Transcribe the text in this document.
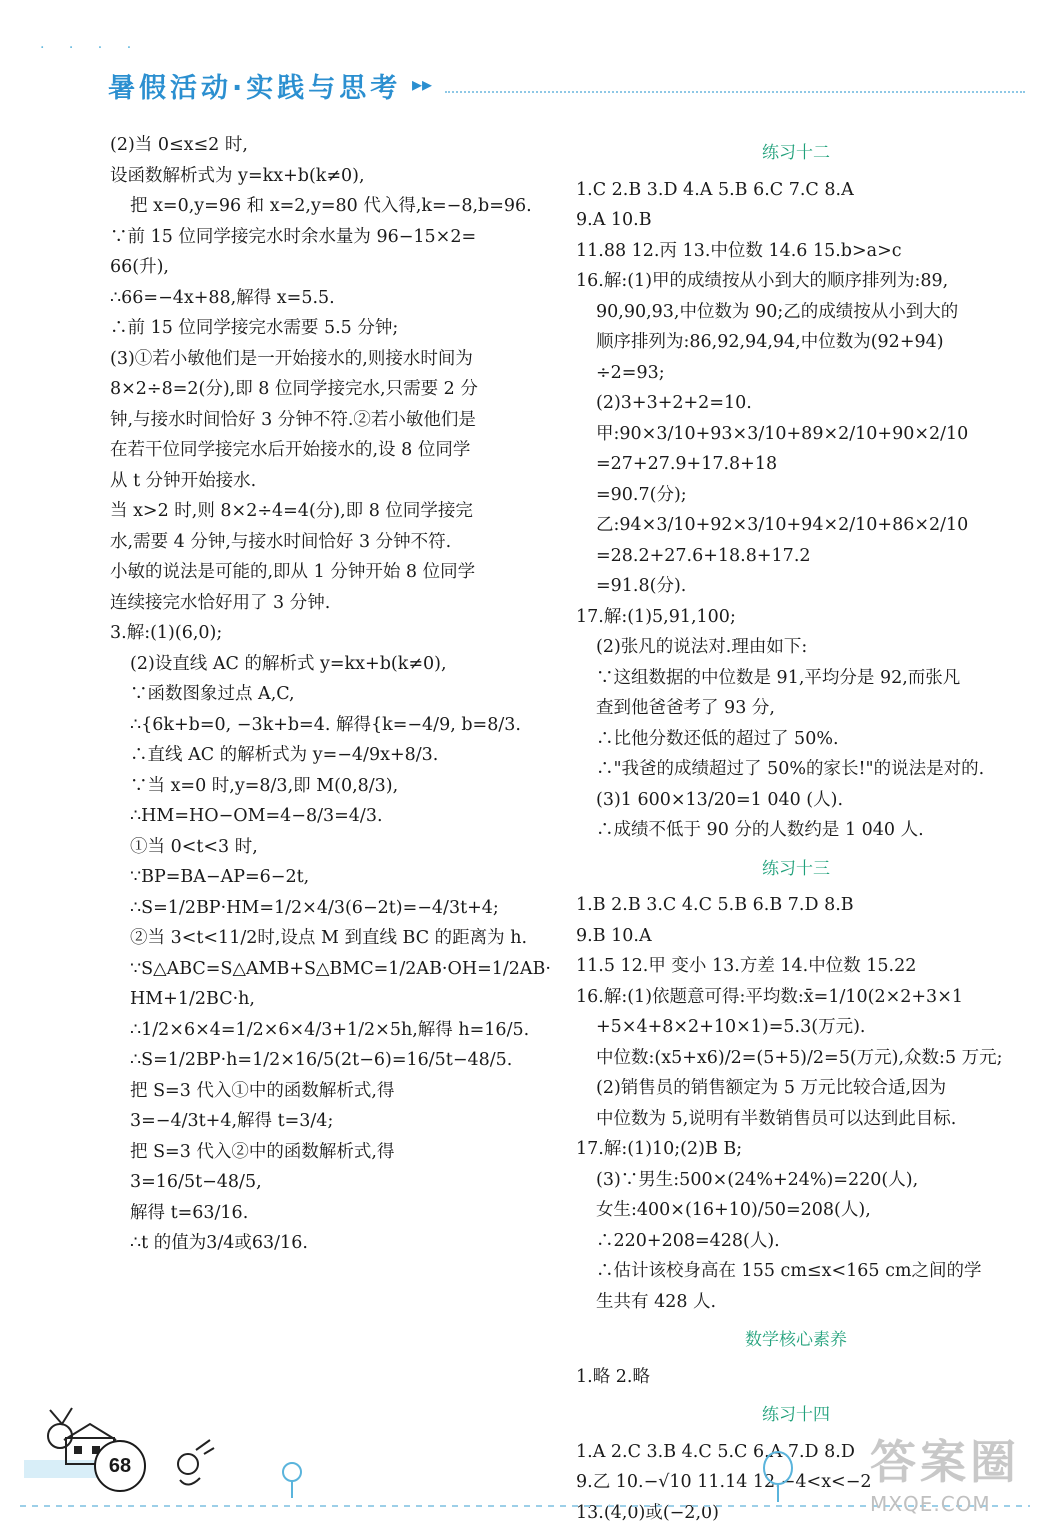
· · · ·
暑假活动·实践与思考 ▸▸
(2)当 0≤x≤2 时,
设函数解析式为 y=kx+b(k≠0),
把 x=0,y=96 和 x=2,y=80 代入得,k=−8,b=96.
∵前 15 位同学接完水时余水量为 96−15×2=
66(升),
∴66=−4x+88,解得 x=5.5.
∴前 15 位同学接完水需要 5.5 分钟;
(3)①若小敏他们是一开始接水的,则接水时间为
8×2÷8=2(分),即 8 位同学接完水,只需要 2 分
钟,与接水时间恰好 3 分钟不符.②若小敏他们是
在若干位同学接完水后开始接水的,设 8 位同学
从 t 分钟开始接水.
当 x>2 时,则 8×2÷4=4(分),即 8 位同学接完
水,需要 4 分钟,与接水时间恰好 3 分钟不符.
小敏的说法是可能的,即从 1 分钟开始 8 位同学
连续接完水恰好用了 3 分钟.
3.解:(1)(6,0);
(2)设直线 AC 的解析式 y=kx+b(k≠0),
∵函数图象过点 A,C,
∴{6k+b=0, −3k+b=4. 解得{k=−4/9, b=8/3.
∴直线 AC 的解析式为 y=−4/9x+8/3.
∵当 x=0 时,y=8/3,即 M(0,8/3),
∴HM=HO−OM=4−8/3=4/3.
①当 0<t<3 时,
∵BP=BA−AP=6−2t,
∴S=1/2BP·HM=1/2×4/3(6−2t)=−4/3t+4;
②当 3<t<11/2时,设点 M 到直线 BC 的距离为 h.
∵S△ABC=S△AMB+S△BMC=1/2AB·OH=1/2AB·
HM+1/2BC·h,
∴1/2×6×4=1/2×6×4/3+1/2×5h,解得 h=16/5.
∴S=1/2BP·h=1/2×16/5(2t−6)=16/5t−48/5.
把 S=3 代入①中的函数解析式,得
3=−4/3t+4,解得 t=3/4;
把 S=3 代入②中的函数解析式,得
3=16/5t−48/5,
解得 t=63/16.
∴t 的值为3/4或63/16.
练习十二
1.C 2.B 3.D 4.A 5.B 6.C 7.C 8.A
9.A 10.B
11.88 12.丙 13.中位数 14.6 15.b>a>c
16.解:(1)甲的成绩按从小到大的顺序排列为:89,
90,90,93,中位数为 90;乙的成绩按从小到大的
顺序排列为:86,92,94,94,中位数为(92+94)
÷2=93;
(2)3+3+2+2=10.
甲:90×3/10+93×3/10+89×2/10+90×2/10
=27+27.9+17.8+18
=90.7(分);
乙:94×3/10+92×3/10+94×2/10+86×2/10
=28.2+27.6+18.8+17.2
=91.8(分).
17.解:(1)5,91,100;
(2)张凡的说法对.理由如下:
∵这组数据的中位数是 91,平均分是 92,而张凡
查到他爸爸考了 93 分,
∴比他分数还低的超过了 50%.
∴"我爸的成绩超过了 50%的家长!"的说法是对的.
(3)1 600×13/20=1 040 (人).
∴成绩不低于 90 分的人数约是 1 040 人.
练习十三
1.B 2.B 3.C 4.C 5.B 6.B 7.D 8.B
9.B 10.A
11.5 12.甲 变小 13.方差 14.中位数 15.22
16.解:(1)依题意可得:平均数:x̄=1/10(2×2+3×1
+5×4+8×2+10×1)=5.3(万元).
中位数:(x5+x6)/2=(5+5)/2=5(万元),众数:5 万元;
(2)销售员的销售额定为 5 万元比较合适,因为
中位数为 5,说明有半数销售员可以达到此目标.
17.解:(1)10;(2)B B;
(3)∵男生:500×(24%+24%)=220(人),
女生:400×(16+10)/50=208(人),
∴220+208=428(人).
∴估计该校身高在 155 cm≤x<165 cm之间的学
生共有 428 人.
数学核心素养
1.略 2.略
练习十四
1.A 2.C 3.B 4.C 5.C 6.A 7.D 8.D
9.乙 10.−√10 11.14 12.−4<x<−2
13.(4,0)或(−2,0)
68	答案圈
MXQE.COM
